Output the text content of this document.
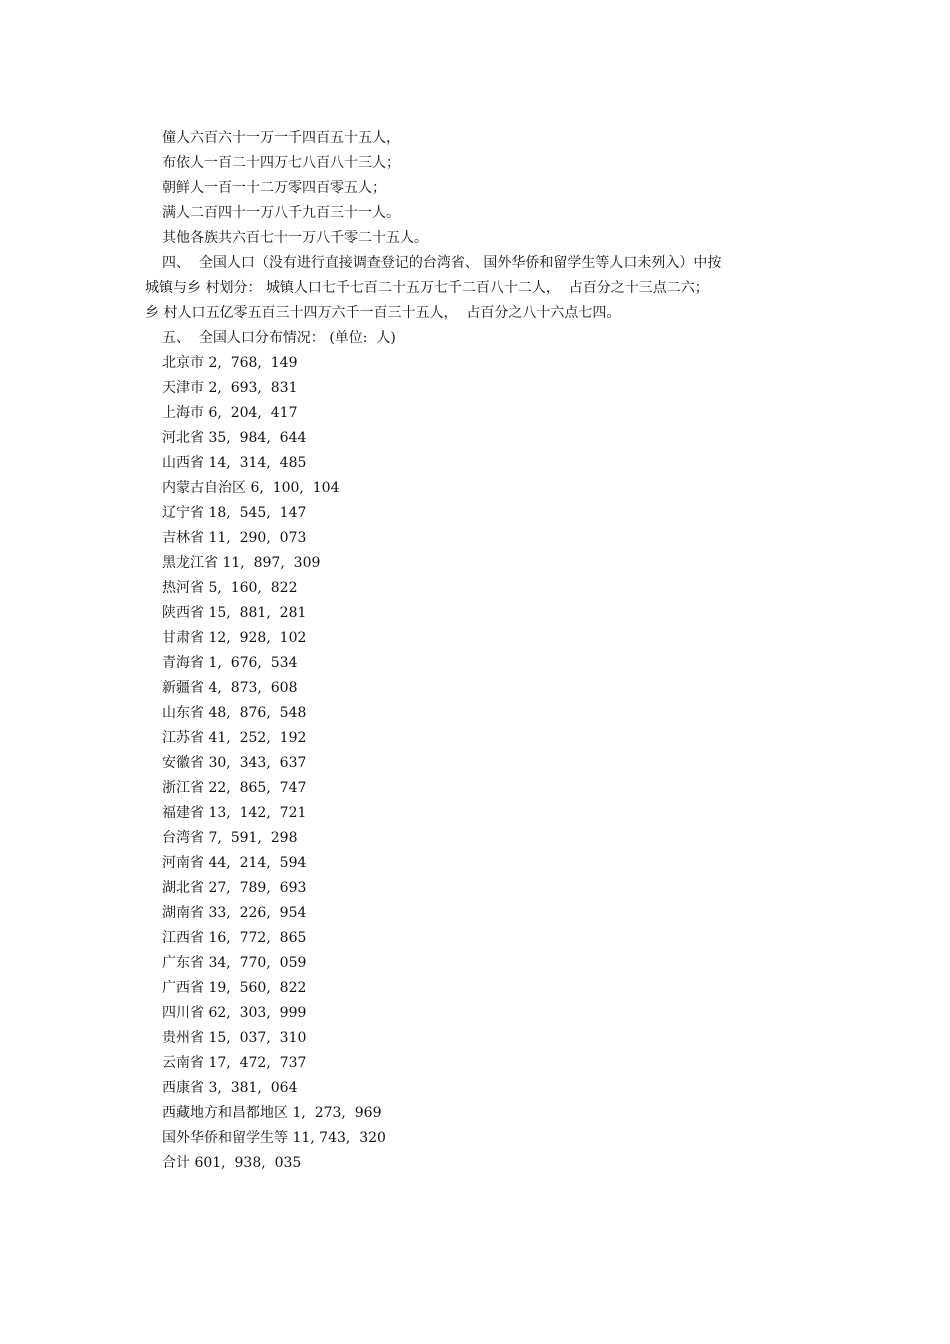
僮人六百六十一万一千四百五十五人，
布依人一百二十四万七八百八十三人；
朝鲜人一百一十二万零四百零五人；
满人二百四十一万八千九百三十一人。
其他各族共六百七十一万八千零二十五人。
四、  全国人口（没有进行直接调查登记的台湾省、 国外华侨和留学生等人口未列入）中按
城镇与乡 村划分： 城镇人口七千七百二十五万七千二百八十二人，  占百分之十三点二六；
乡 村人口五亿零五百三十四万六千一百三十五人，  占百分之八十六点七四。
五、  全国人口分布情况： (单位:  人)
北京市 2,  768,  149
天津市 2,  693,  831
上海市 6,  204,  417
河北省 35,  984,  644
山西省 14,  314,  485
内蒙古自治区 6,  100,  104
辽宁省 18,  545,  147
吉林省 11,  290,  073
黑龙江省 11,  897,  309
热河省 5,  160,  822
陕西省 15,  881,  281
甘肃省 12,  928,  102
青海省 1,  676,  534
新疆省 4,  873,  608
山东省 48,  876,  548
江苏省 41,  252,  192
安徽省 30,  343,  637
浙江省 22,  865,  747
福建省 13,  142,  721
台湾省 7,  591,  298
河南省 44,  214,  594
湖北省 27,  789,  693
湖南省 33,  226,  954
江西省 16,  772,  865
广东省 34,  770,  059
广西省 19,  560,  822
四川省 62,  303,  999
贵州省 15,  037,  310
云南省 17,  472,  737
西康省 3,  381,  064
西藏地方和昌都地区 1,  273,  969
国外华侨和留学生等 11, 743,  320
合计 601,  938,  035
